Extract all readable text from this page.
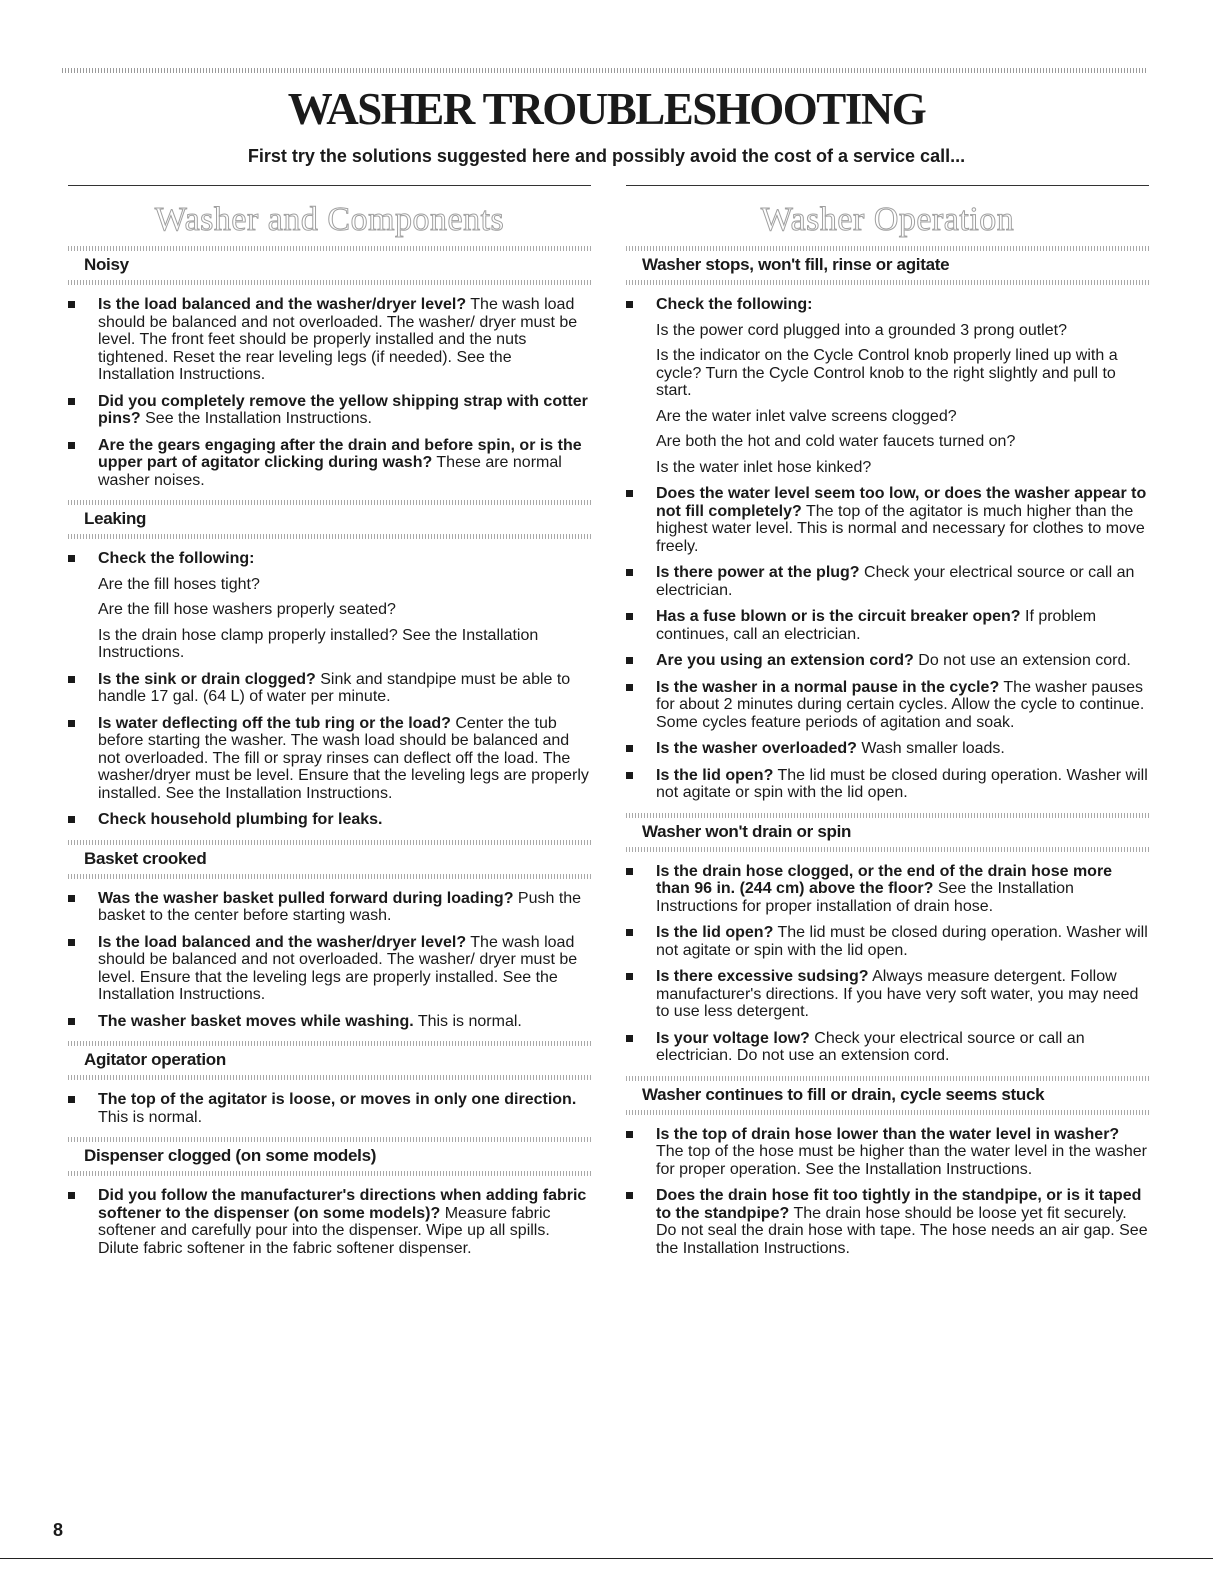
WASHER TROUBLESHOOTING
First try the solutions suggested here and possibly avoid the cost of a service call...
Washer and Components
Noisy
Is the load balanced and the washer/dryer level? The wash load should be balanced and not overloaded. The washer/ dryer must be level. The front feet should be properly installed and the nuts tightened. Reset the rear leveling legs (if needed). See the Installation Instructions.
Did you completely remove the yellow shipping strap with cotter pins? See the Installation Instructions.
Are the gears engaging after the drain and before spin, or is the upper part of agitator clicking during wash? These are normal washer noises.
Leaking
Check the following:
Are the fill hoses tight?
Are the fill hose washers properly seated?
Is the drain hose clamp properly installed? See the Installation Instructions.
Is the sink or drain clogged? Sink and standpipe must be able to handle 17 gal. (64 L) of water per minute.
Is water deflecting off the tub ring or the load? Center the tub before starting the washer. The wash load should be balanced and not overloaded. The fill or spray rinses can deflect off the load. The washer/dryer must be level. Ensure that the leveling legs are properly installed. See the Installation Instructions.
Check household plumbing for leaks.
Basket crooked
Was the washer basket pulled forward during loading? Push the basket to the center before starting wash.
Is the load balanced and the washer/dryer level? The wash load should be balanced and not overloaded. The washer/ dryer must be level. Ensure that the leveling legs are properly installed. See the Installation Instructions.
The washer basket moves while washing. This is normal.
Agitator operation
The top of the agitator is loose, or moves in only one direction. This is normal.
Dispenser clogged (on some models)
Did you follow the manufacturer's directions when adding fabric softener to the dispenser (on some models)? Measure fabric softener and carefully pour into the dispenser. Wipe up all spills. Dilute fabric softener in the fabric softener dispenser.
Washer Operation
Washer stops, won't fill, rinse or agitate
Check the following:
Is the power cord plugged into a grounded 3 prong outlet?
Is the indicator on the Cycle Control knob properly lined up with a cycle? Turn the Cycle Control knob to the right slightly and pull to start.
Are the water inlet valve screens clogged?
Are both the hot and cold water faucets turned on?
Is the water inlet hose kinked?
Does the water level seem too low, or does the washer appear to not fill completely? The top of the agitator is much higher than the highest water level. This is normal and necessary for clothes to move freely.
Is there power at the plug? Check your electrical source or call an electrician.
Has a fuse blown or is the circuit breaker open? If problem continues, call an electrician.
Are you using an extension cord? Do not use an extension cord.
Is the washer in a normal pause in the cycle? The washer pauses for about 2 minutes during certain cycles. Allow the cycle to continue. Some cycles feature periods of agitation and soak.
Is the washer overloaded? Wash smaller loads.
Is the lid open? The lid must be closed during operation. Washer will not agitate or spin with the lid open.
Washer won't drain or spin
Is the drain hose clogged, or the end of the drain hose more than 96 in. (244 cm) above the floor? See the Installation Instructions for proper installation of drain hose.
Is the lid open? The lid must be closed during operation. Washer will not agitate or spin with the lid open.
Is there excessive sudsing? Always measure detergent. Follow manufacturer's directions. If you have very soft water, you may need to use less detergent.
Is your voltage low? Check your electrical source or call an electrician. Do not use an extension cord.
Washer continues to fill or drain, cycle seems stuck
Is the top of drain hose lower than the water level in washer? The top of the hose must be higher than the water level in the washer for proper operation. See the Installation Instructions.
Does the drain hose fit too tightly in the standpipe, or is it taped to the standpipe? The drain hose should be loose yet fit securely. Do not seal the drain hose with tape. The hose needs an air gap. See the Installation Instructions.
8
